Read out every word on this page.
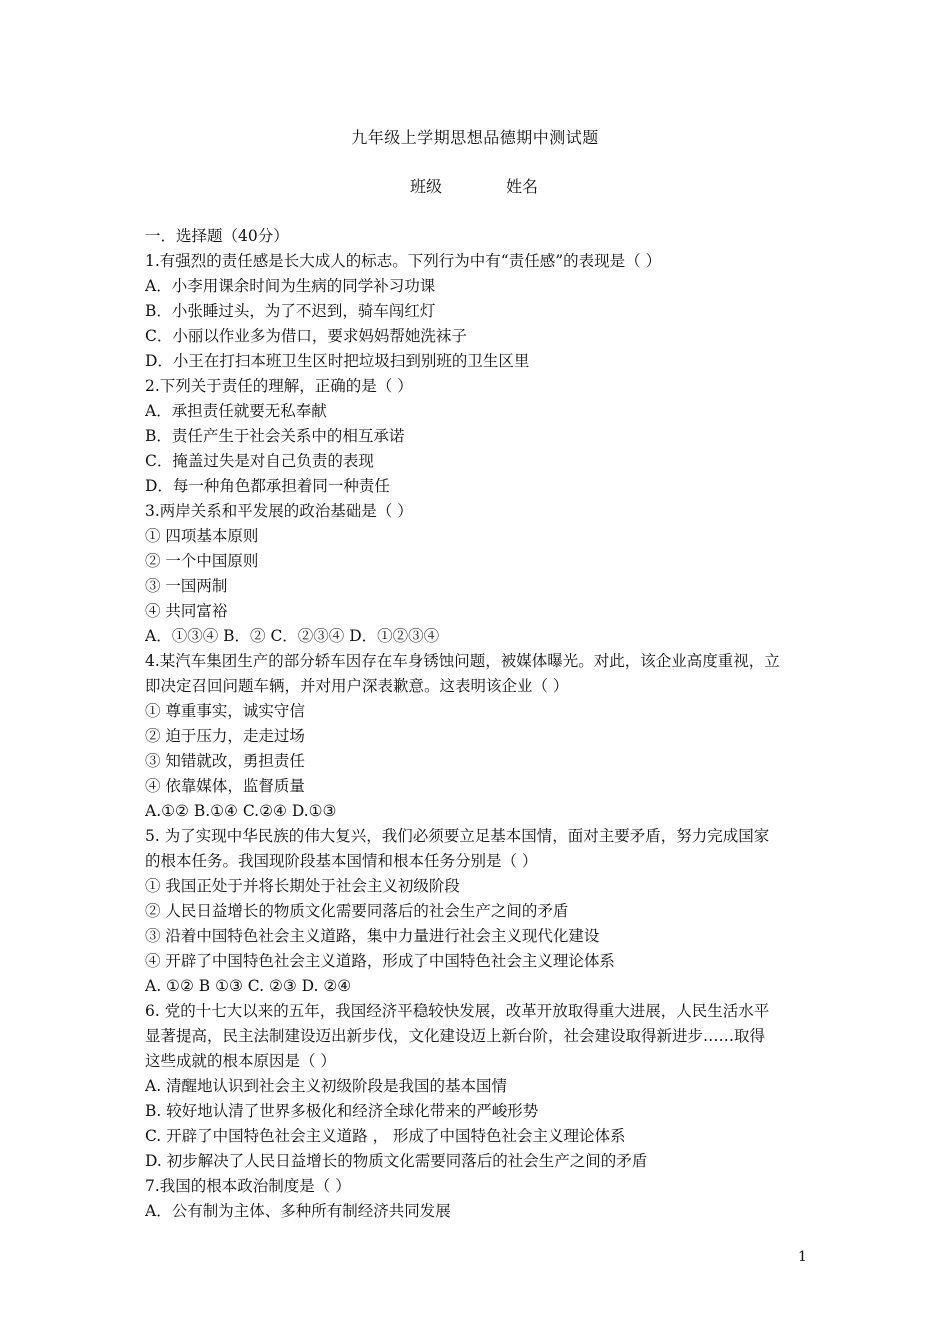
九年级上学期思想品德期中测试题
班级	姓名
一．选择题（40分）
1.有强烈的责任感是长大成人的标志。下列行为中有“责任感”的表现是（ ）
A．小李用课余时间为生病的同学补习功课
B．小张睡过头，为了不迟到，骑车闯红灯
C．小丽以作业多为借口，要求妈妈帮她洗袜子
D．小王在打扫本班卫生区时把垃圾扫到别班的卫生区里
2.下列关于责任的理解，正确的是（ ）
A．承担责任就要无私奉献
B．责任产生于社会关系中的相互承诺
C．掩盖过失是对自己负责的表现
D．每一种角色都承担着同一种责任
3.两岸关系和平发展的政治基础是（ ）
① 四项基本原则
② 一个中国原则
③ 一国两制
④ 共同富裕
A．①③④ B．② C．②③④ D．①②③④
4.某汽车集团生产的部分轿车因存在车身锈蚀问题，被媒体曝光。对此，该企业高度重视，立
即决定召回问题车辆，并对用户深表歉意。这表明该企业（ ）
① 尊重事实，诚实守信
② 迫于压力，走走过场
③ 知错就改，勇担责任
④ 依靠媒体，监督质量
A.①② B.①④ C.②④ D.①③
5. 为了实现中华民族的伟大复兴，我们必须要立足基本国情，面对主要矛盾，努力完成国家
的根本任务。我国现阶段基本国情和根本任务分别是（ ）
① 我国正处于并将长期处于社会主义初级阶段
② 人民日益增长的物质文化需要同落后的社会生产之间的矛盾
③ 沿着中国特色社会主义道路，集中力量进行社会主义现代化建设
④ 开辟了中国特色社会主义道路，形成了中国特色社会主义理论体系
A. ①② B ①③ C. ②③ D. ②④
6. 党的十七大以来的五年，我国经济平稳较快发展，改革开放取得重大进展，人民生活水平
显著提高，民主法制建设迈出新步伐，文化建设迈上新台阶，社会建设取得新进步……取得
这些成就的根本原因是（ ）
A. 清醒地认识到社会主义初级阶段是我国的基本国情
B. 较好地认清了世界多极化和经济全球化带来的严峻形势
C. 开辟了中国特色社会主义道路 ， 形成了中国特色社会主义理论体系
D. 初步解决了人民日益增长的物质文化需要同落后的社会生产之间的矛盾
7.我国的根本政治制度是（ ）
A．公有制为主体、多种所有制经济共同发展
1
